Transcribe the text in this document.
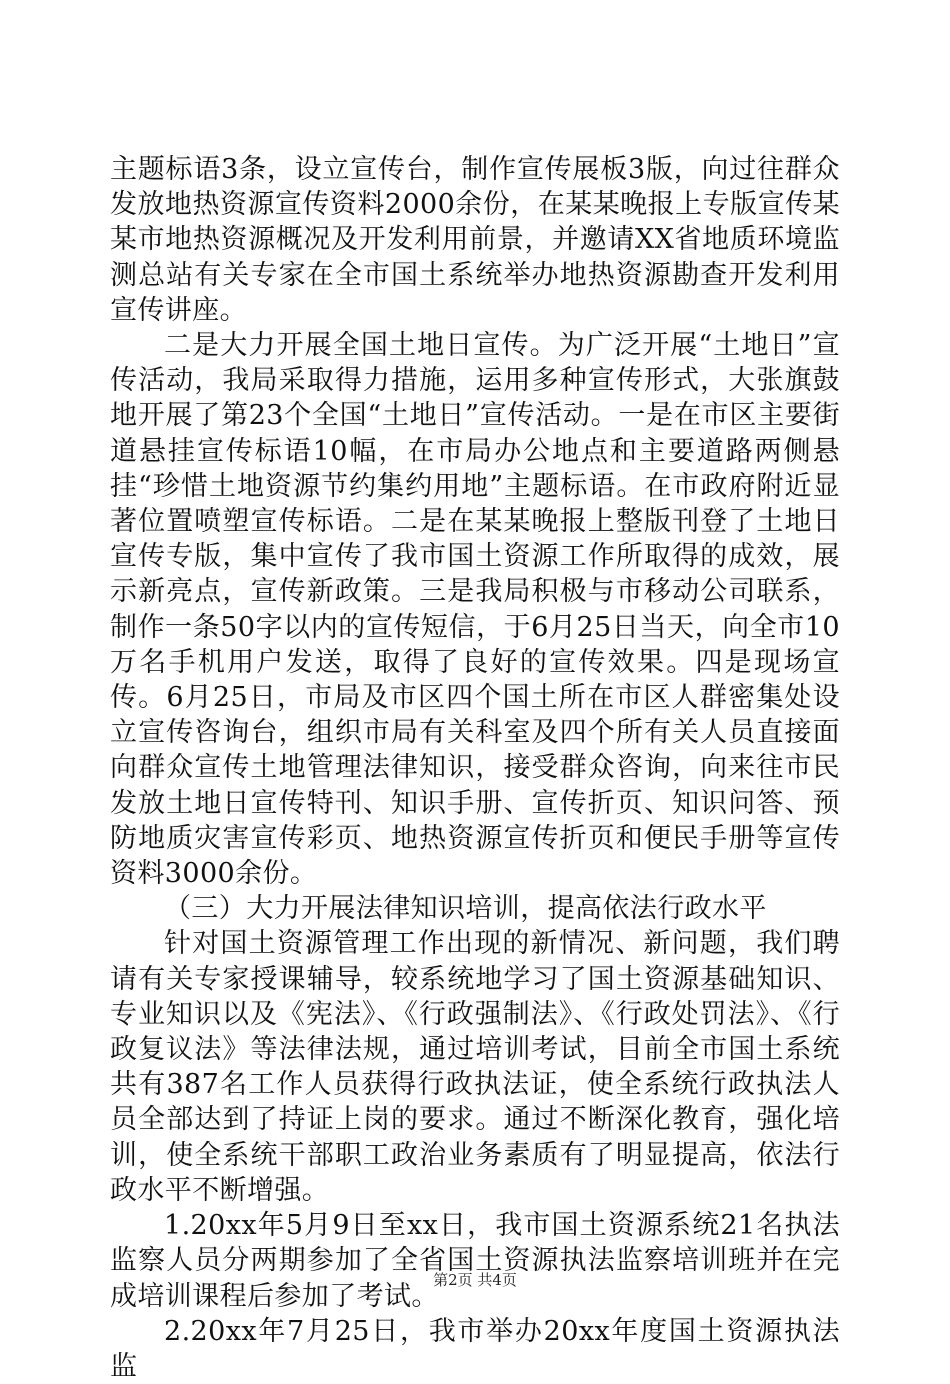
主题标语3条，设立宣传台，制作宣传展板3版，向过往群众发放地热资源宣传资料2000余份，在某某晚报上专版宣传某某市地热资源概况及开发利用前景，并邀请XX省地质环境监测总站有关专家在全市国土系统举办地热资源勘查开发利用宣传讲座。

二是大力开展全国土地日宣传。为广泛开展“土地日”宣传活动，我局采取得力措施，运用多种宣传形式，大张旗鼓地开展了第23个全国“土地日”宣传活动。一是在市区主要街道悬挂宣传标语10幅，在市局办公地点和主要道路两侧悬挂“珍惜土地资源节约集约用地”主题标语。在市政府附近显著位置喷塑宣传标语。二是在某某晚报上整版刊登了土地日宣传专版，集中宣传了我市国土资源工作所取得的成效，展示新亮点，宣传新政策。三是我局积极与市移动公司联系，制作一条50字以内的宣传短信，于6月25日当天，向全市10万名手机用户发送，取得了良好的宣传效果。四是现场宣传。6月25日，市局及市区四个国土所在市区人群密集处设立宣传咨询台，组织市局有关科室及四个所有关人员直接面向群众宣传土地管理法律知识，接受群众咨询，向来往市民发放土地日宣传特刊、知识手册、宣传折页、知识问答、预防地质灾害宣传彩页、地热资源宣传折页和便民手册等宣传资料3000余份。

（三）大力开展法律知识培训，提高依法行政水平

针对国土资源管理工作出现的新情况、新问题，我们聘请有关专家授课辅导，较系统地学习了国土资源基础知识、专业知识以及《宪法》、《行政强制法》、《行政处罚法》、《行政复议法》等法律法规，通过培训考试，目前全市国土系统共有387名工作人员获得行政执法证，使全系统行政执法人员全部达到了持证上岗的要求。通过不断深化教育，强化培训，使全系统干部职工政治业务素质有了明显提高，依法行政水平不断增强。

1.20xx年5月9日至xx日，我市国土资源系统21名执法监察人员分两期参加了全省国土资源执法监察培训班并在完成培训课程后参加了考试。

2.20xx年7月25日，我市举办20xx年度国土资源执法监

第2页 共4页
